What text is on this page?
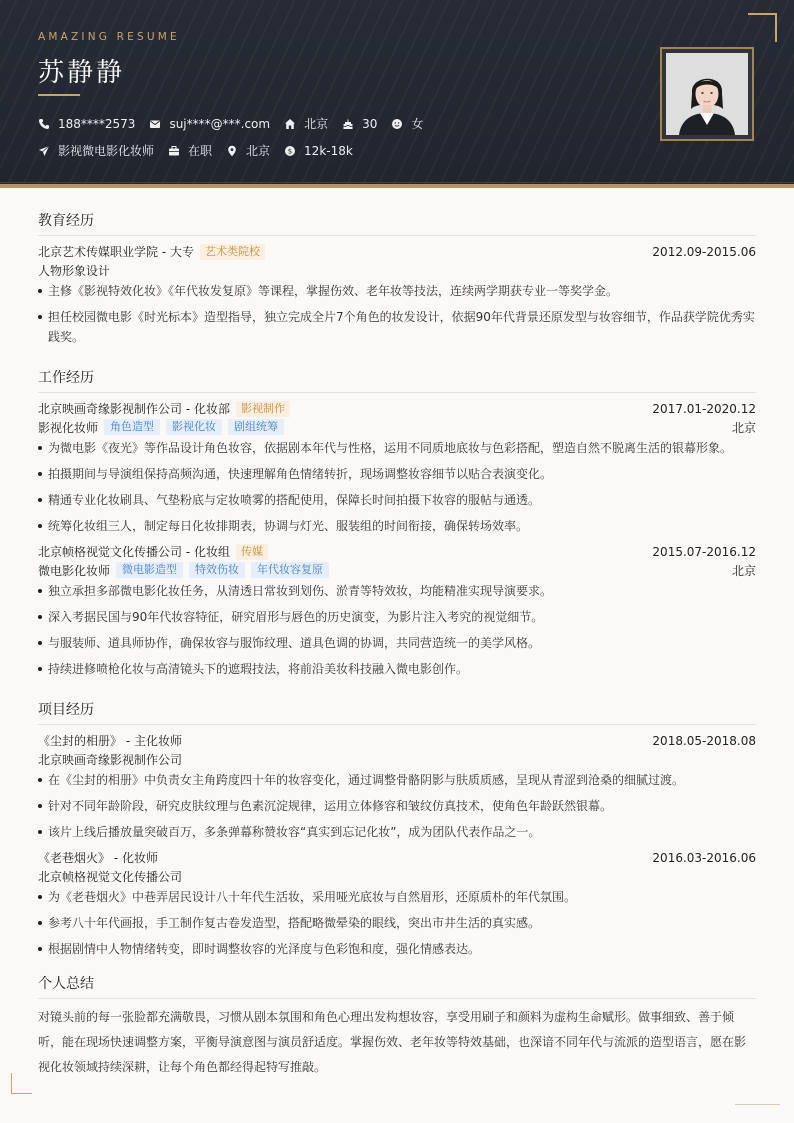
AMAZING RESUME
苏静静
188****2573	suj****@***.com	北京	30	女
影视微电影化妆师	在职	北京	$ 12k-18k
教育经历
北京艺术传媒职业学院 - 大专	艺术类院校	2012.09-2015.06
人物形象设计
主修《影视特效化妆》《年代妆发复原》等课程，掌握伤效、老年妆等技法，连续两学期获专业一等奖学金。
担任校园微电影《时光标本》造型指导，独立完成全片7个角色的妆发设计，依据90年代背景还原发型与妆容细节，作品获学院优秀实践奖。
工作经历
北京映画奇缘影视制作公司 - 化妆部	影视制作	2017.01-2020.12
影视化妆师	角色造型	影视化妆	剧组统筹	北京
为微电影《夜光》等作品设计角色妆容，依据剧本年代与性格，运用不同质地底妆与色彩搭配，塑造自然不脱离生活的银幕形象。
拍摄期间与导演组保持高频沟通，快速理解角色情绪转折，现场调整妆容细节以贴合表演变化。
精通专业化妆刷具、气垫粉底与定妆喷雾的搭配使用，保障长时间拍摄下妆容的服帖与通透。
统筹化妆组三人，制定每日化妆排期表，协调与灯光、服装组的时间衔接，确保转场效率。
北京帧格视觉文化传播公司 - 化妆组	传媒	2015.07-2016.12
微电影化妆师	微电影造型	特效伤妆	年代妆容复原	北京
独立承担多部微电影化妆任务，从清透日常妆到划伤、淤青等特效妆，均能精准实现导演要求。
深入考据民国与90年代妆容特征，研究眉形与唇色的历史演变，为影片注入考究的视觉细节。
与服装师、道具师协作，确保妆容与服饰纹理、道具色调的协调，共同营造统一的美学风格。
持续进修喷枪化妆与高清镜头下的遮瑕技法，将前沿美妆科技融入微电影创作。
项目经历
《尘封的相册》 - 主化妆师	2018.05-2018.08
北京映画奇缘影视制作公司
在《尘封的相册》中负责女主角跨度四十年的妆容变化，通过调整骨骼阴影与肤质质感，呈现从青涩到沧桑的细腻过渡。
针对不同年龄阶段，研究皮肤纹理与色素沉淀规律，运用立体修容和皱纹仿真技术，使角色年龄跃然银幕。
该片上线后播放量突破百万，多条弹幕称赞妆容“真实到忘记化妆”，成为团队代表作品之一。
《老巷烟火》 - 化妆师	2016.03-2016.06
北京帧格视觉文化传播公司
为《老巷烟火》中巷弄居民设计八十年代生活妆，采用哑光底妆与自然眉形，还原质朴的年代氛围。
参考八十年代画报，手工制作复古卷发造型，搭配略微晕染的眼线，突出市井生活的真实感。
根据剧情中人物情绪转变，即时调整妆容的光泽度与色彩饱和度，强化情感表达。
个人总结
对镜头前的每一张脸都充满敬畏，习惯从剧本氛围和角色心理出发构想妆容，享受用刷子和颜料为虚构生命赋形。做事细致、善于倾听，能在现场快速调整方案，平衡导演意图与演员舒适度。掌握伤效、老年妆等特效基础，也深谙不同年代与流派的造型语言，愿在影视化妆领域持续深耕，让每个角色都经得起特写推敲。
